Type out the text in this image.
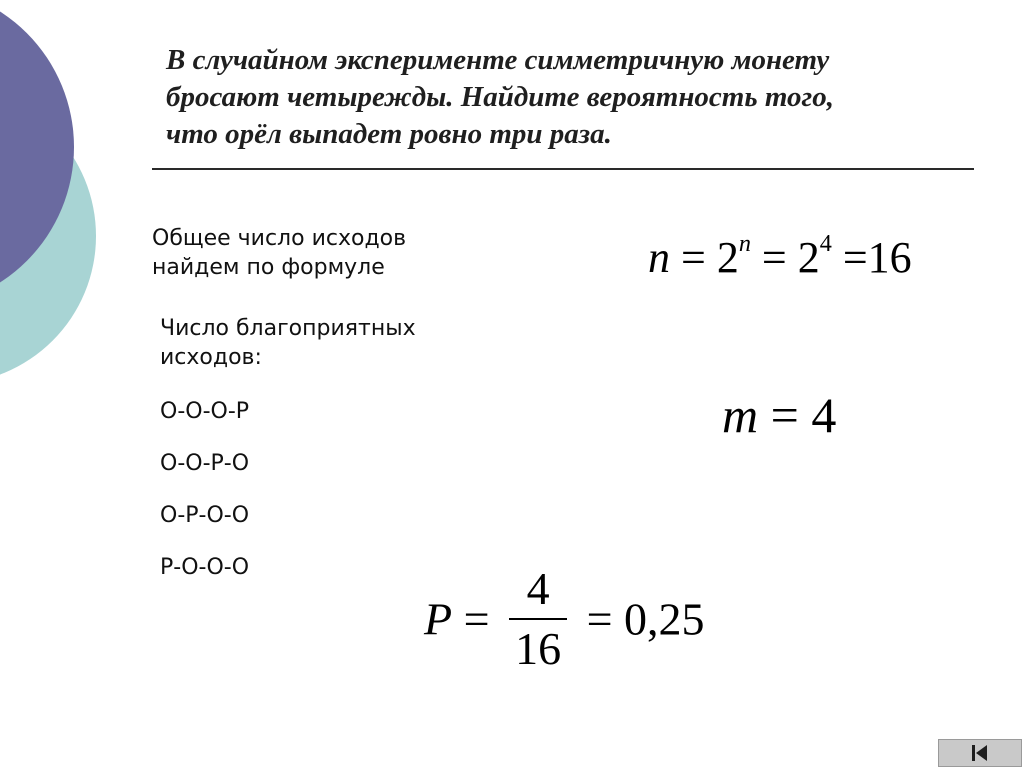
В случайном эксперименте симметричную монету
бросают четырежды. Найдите вероятность того,
что орёл выпадет ровно три раза.
Общее число исходов
найдем по формуле	$n = 2^n = 2^4 =16$
Число благоприятных
исходов:
О-О-О-Р
О-О-Р-О
О-Р-О-О
Р-О-О-О
m = 4
$P = \frac{4}{16} = 0,25$
